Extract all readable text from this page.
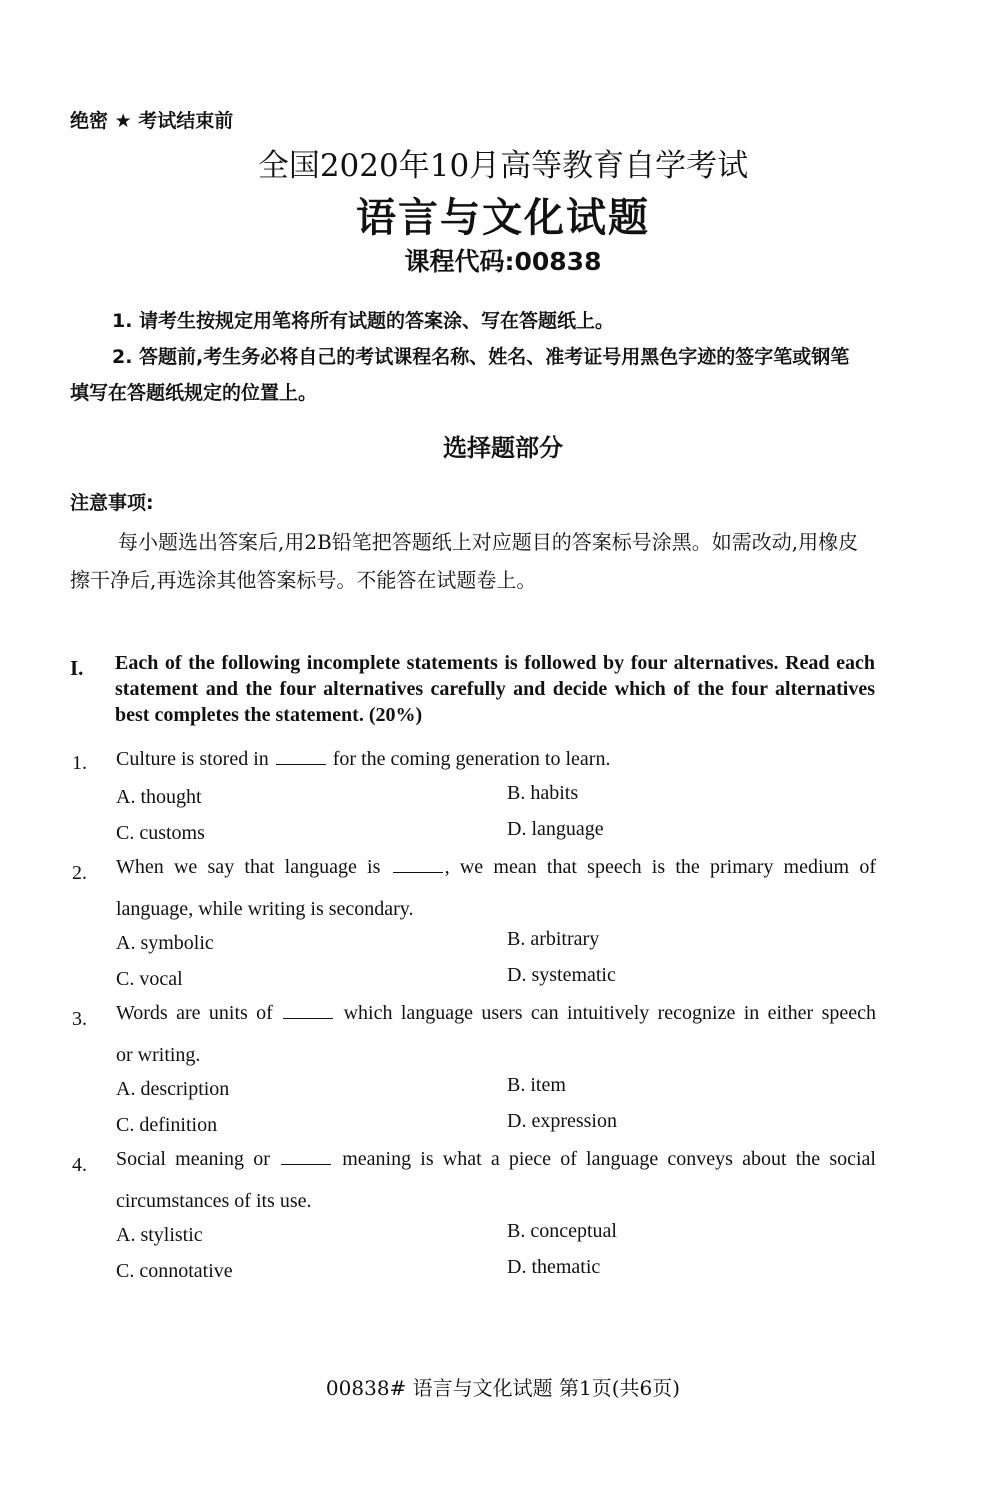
绝密 ★ 考试结束前
全国2020年10月高等教育自学考试
语言与文化试题
课程代码:00838
1. 请考生按规定用笔将所有试题的答案涂、写在答题纸上。
2. 答题前,考生务必将自己的考试课程名称、姓名、准考证号用黑色字迹的签字笔或钢笔
填写在答题纸规定的位置上。
选择题部分
注意事项:
每小题选出答案后,用2B铅笔把答题纸上对应题目的答案标号涂黑。如需改动,用橡皮
擦干净后,再选涂其他答案标号。不能答在试题卷上。
I. Each of the following incomplete statements is followed by four alternatives. Read each statement and the four alternatives carefully and decide which of the four alternatives best completes the statement. (20%)
1. Culture is stored in	for the coming generation to learn.
A. thought	B. habits
C. customs	D. language
2. When we say that language is	, we mean that speech is the primary medium of
language, while writing is secondary.
A. symbolic	B. arbitrary
C. vocal	D. systematic
3. Words are units of	which language users can intuitively recognize in either speech
or writing.
A. description	B. item
C. definition	D. expression
4. Social meaning or	meaning is what a piece of language conveys about the social
circumstances of its use.
A. stylistic	B. conceptual
C. connotative	D. thematic
00838# 语言与文化试题 第1页(共6页)
